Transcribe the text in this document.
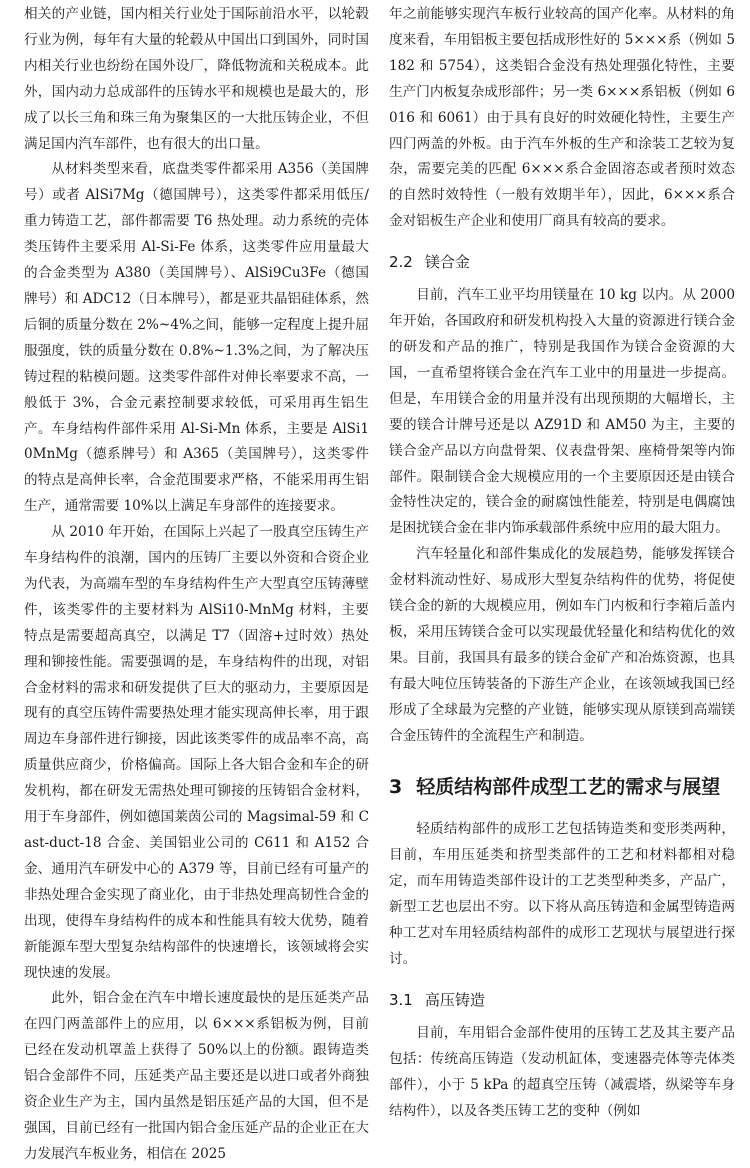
相关的产业链，国内相关行业处于国际前沿水平，以轮毂行业为例，每年有大量的轮毂从中国出口到国外，同时国内相关行业也纷纷在国外设厂，降低物流和关税成本。此外，国内动力总成部件的压铸水平和规模也是最大的，形成了以长三角和珠三角为聚集区的一大批压铸企业，不但满足国内汽车部件，也有很大的出口量。

从材料类型来看，底盘类零件都采用 A356（美国牌号）或者 AlSi7Mg（德国牌号），这类零件都采用低压/重力铸造工艺，部件都需要 T6 热处理。动力系统的壳体类压铸件主要采用 Al-Si-Fe 体系，这类零件应用量最大的合金类型为 A380（美国牌号）、AlSi9Cu3Fe（德国牌号）和 ADC12（日本牌号），都是亚共晶铝硅体系，然后铜的质量分数在 2%~4%之间，能够一定程度上提升屈服强度，铁的质量分数在 0.8%~1.3%之间，为了解决压铸过程的粘模问题。这类零件部件对伸长率要求不高，一般低于 3%，合金元素控制要求较低，可采用再生铝生产。车身结构件部件采用 Al-Si-Mn 体系，主要是 AlSi10MnMg（德系牌号）和 A365（美国牌号），这类零件的特点是高伸长率，合金范围要求严格，不能采用再生铝生产，通常需要 10%以上满足车身部件的连接要求。

从 2010 年开始，在国际上兴起了一股真空压铸生产车身结构件的浪潮，国内的压铸厂主要以外资和合资企业为代表，为高端车型的车身结构件生产大型真空压铸薄壁件，该类零件的主要材料为 AlSi10-MnMg 材料，主要特点是需要超高真空，以满足 T7（固溶+过时效）热处理和铆接性能。需要强调的是，车身结构件的出现，对铝合金材料的需求和研发提供了巨大的驱动力，主要原因是现有的真空压铸件需要热处理才能实现高伸长率，用于跟周边车身部件进行铆接，因此该类零件的成品率不高，高质量供应商少，价格偏高。国际上各大铝合金和车企的研发机构，都在研发无需热处理可铆接的压铸铝合金材料，用于车身部件，例如德国莱茵公司的 Magsimal-59 和 Cast-duct-18 合金、美国铝业公司的 C611 和 A152 合金、通用汽车研发中心的 A379 等，目前已经有可量产的非热处理合金实现了商业化，由于非热处理高韧性合金的出现，使得车身结构件的成本和性能具有较大优势，随着新能源车型大型复杂结构部件的快速增长，该领域将会实现快速的发展。

此外，铝合金在汽车中增长速度最快的是压延类产品在四门两盖部件上的应用，以 6×××系铝板为例，目前已经在发动机罩盖上获得了 50%以上的份额。跟铸造类铝合金部件不同，压延类产品主要还是以进口或者外商独资企业生产为主，国内虽然是铝压延产品的大国，但不是强国，目前已经有一批国内铝合金压延产品的企业正在大力发展汽车板业务，相信在 2025

年之前能够实现汽车板行业较高的国产化率。从材料的角度来看，车用铝板主要包括成形性好的 5×××系（例如 5182 和 5754），这类铝合金没有热处理强化特性，主要生产门内板复杂成形部件；另一类 6×××系铝板（例如 6016 和 6061）由于具有良好的时效硬化特性，主要生产四门两盖的外板。由于汽车外板的生产和涂装工艺较为复杂，需要完美的匹配 6×××系合金固溶态或者预时效态的自然时效特性（一般有效期半年），因此，6×××系合金对铝板生产企业和使用厂商具有较高的要求。

2.2 镁合金

目前，汽车工业平均用镁量在 10 kg 以内。从 2000 年开始，各国政府和研发机构投入大量的资源进行镁合金的研发和产品的推广，特别是我国作为镁合金资源的大国，一直希望将镁合金在汽车工业中的用量进一步提高。但是，车用镁合金的用量并没有出现预期的大幅增长，主要的镁合计牌号还是以 AZ91D 和 AM50 为主，主要的镁合金产品以方向盘骨架、仪表盘骨架、座椅骨架等内饰部件。限制镁合金大规模应用的一个主要原因还是由镁合金特性决定的，镁合金的耐腐蚀性能差，特别是电偶腐蚀是困扰镁合金在非内饰承载部件系统中应用的最大阻力。

汽车轻量化和部件集成化的发展趋势，能够发挥镁合金材料流动性好、易成形大型复杂结构件的优势，将促使镁合金的新的大规模应用，例如车门内板和行李箱后盖内板，采用压铸镁合金可以实现最优轻量化和结构优化的效果。目前，我国具有最多的镁合金矿产和冶炼资源，也具有最大吨位压铸装备的下游生产企业，在该领域我国已经形成了全球最为完整的产业链，能够实现从原镁到高端镁合金压铸件的全流程生产和制造。

3 轻质结构部件成型工艺的需求与展望

轻质结构部件的成形工艺包括铸造类和变形类两种，目前，车用压延类和挤型类部件的工艺和材料都相对稳定，而车用铸造类部件设计的工艺类型种类多，产品广，新型工艺也层出不穷。以下将从高压铸造和金属型铸造两种工艺对车用轻质结构部件的成形工艺现状与展望进行探讨。

3.1 高压铸造

目前，车用铝合金部件使用的压铸工艺及其主要产品包括：传统高压铸造（发动机缸体，变速器壳体等壳体类部件），小于 5 kPa 的超真空压铸（减震塔，纵梁等车身结构件），以及各类压铸工艺的变种（例如
